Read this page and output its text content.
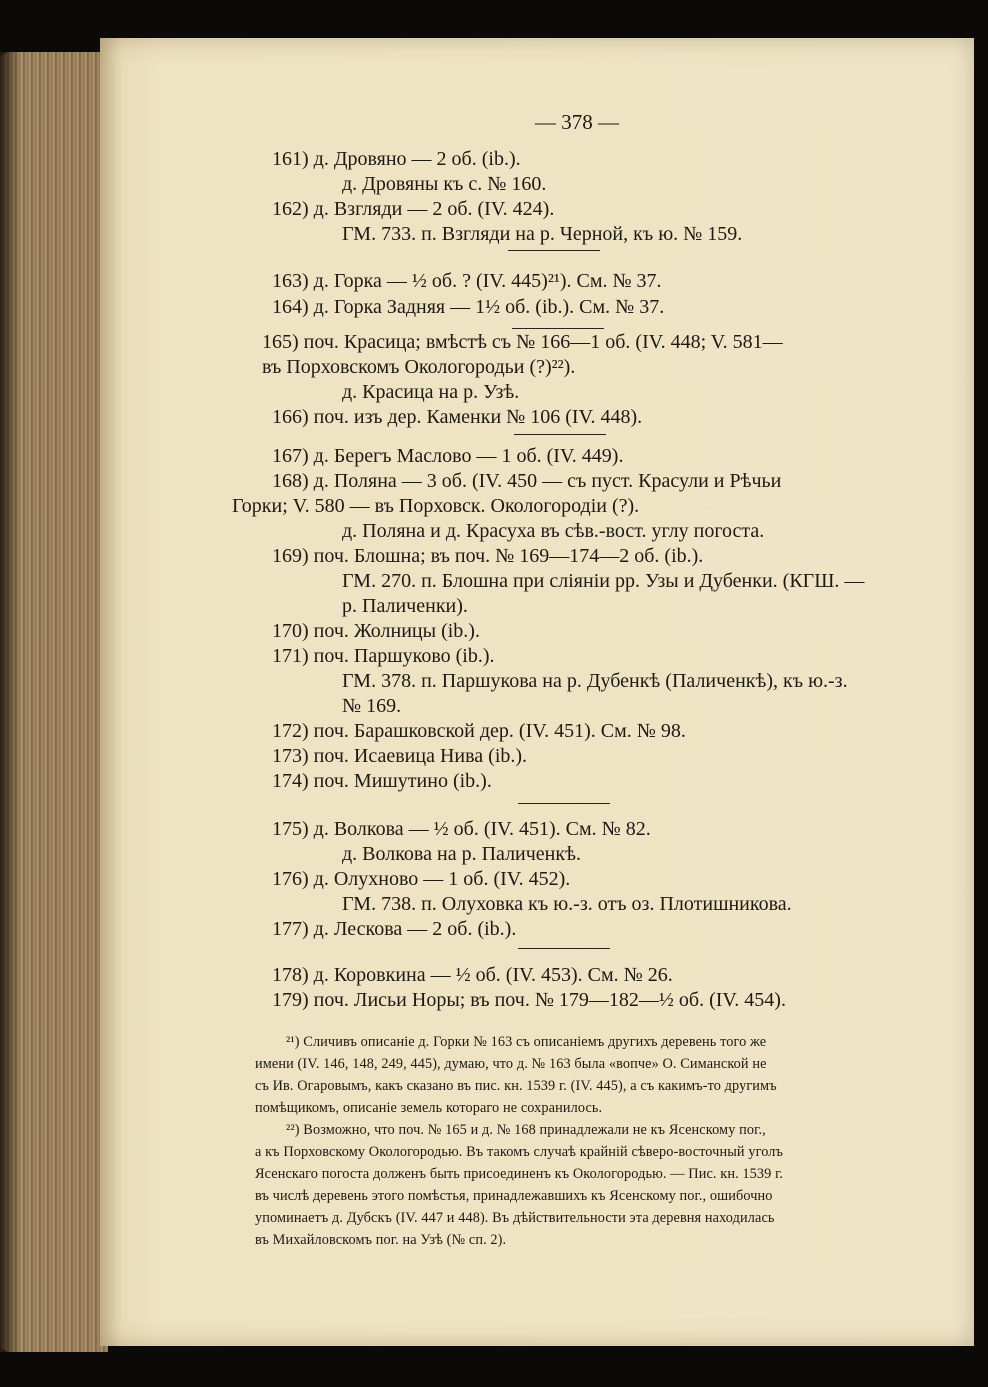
— 378 —
161) д. Дровяно — 2 об. (ib.).
д. Дровяны къ с. № 160.
162) д. Взгляди — 2 об. (IV. 424).
ГМ. 733. п. Взгляди на р. Черной, къ ю. № 159.
163) д. Горка — ½ об. ? (IV. 445)²¹). См. № 37.
164) д. Горка Задняя — 1½ об. (ib.). См. № 37.
165) поч. Красица; вмѣстѣ съ № 166—1 об. (IV. 448; V. 581—
въ Порховскомъ Окологородьи (?)²²).
д. Красица на р. Узѣ.
166) поч. изъ дер. Каменки № 106 (IV. 448).
167) д. Берегъ Маслово — 1 об. (IV. 449).
168) д. Поляна — 3 об. (IV. 450 — съ пуст. Красули и Рѣчьи
Горки; V. 580 — въ Порховск. Окологородіи (?).
д. Поляна и д. Красуха въ сѣв.-вост. углу погоста.
169) поч. Блошна; въ поч. № 169—174—2 об. (ib.).
ГМ. 270. п. Блошна при сліяніи рр. Узы и Дубенки. (КГШ. —
р. Паличенки).
170) поч. Жолницы (ib.).
171) поч. Паршуково (ib.).
ГМ. 378. п. Паршукова на р. Дубенкѣ (Паличенкѣ), къ ю.-з.
№ 169.
172) поч. Барашковской дер. (IV. 451). См. № 98.
173) поч. Исаевица Нива (ib.).
174) поч. Мишутино (ib.).
175) д. Волкова — ½ об. (IV. 451). См. № 82.
д. Волкова на р. Паличенкѣ.
176) д. Олухново — 1 об. (IV. 452).
ГМ. 738. п. Олуховка къ ю.-з. отъ оз. Плотишникова.
177) д. Лескова — 2 об. (ib.).
178) д. Коровкина — ½ об. (IV. 453). См. № 26.
179) поч. Лисьи Норы; въ поч. № 179—182—½ об. (IV. 454).
²¹) Сличивъ описаніе д. Горки № 163 съ описаніемъ другихъ деревень того же
имени (IV. 146, 148, 249, 445), думаю, что д. № 163 была «вопче» О. Симанской не
съ Ив. Огаровымъ, какъ сказано въ пис. кн. 1539 г. (IV. 445), а съ какимъ-то другимъ
помѣщикомъ, описаніе земель котораго не сохранилось.
²²) Возможно, что поч. № 165 и д. № 168 принадлежали не къ Ясенскому пог.,
а къ Порховскому Окологородью. Въ такомъ случаѣ крайній сѣверо-восточный уголъ
Ясенскаго погоста долженъ быть присоединенъ къ Окологородью. — Пис. кн. 1539 г.
въ числѣ деревень этого помѣстья, принадлежавшихъ къ Ясенскому пог., ошибочно
упоминаетъ д. Дубскъ (IV. 447 и 448). Въ дѣйствительности эта деревня находилась
въ Михайловскомъ пог. на Узѣ (№ сп. 2).
